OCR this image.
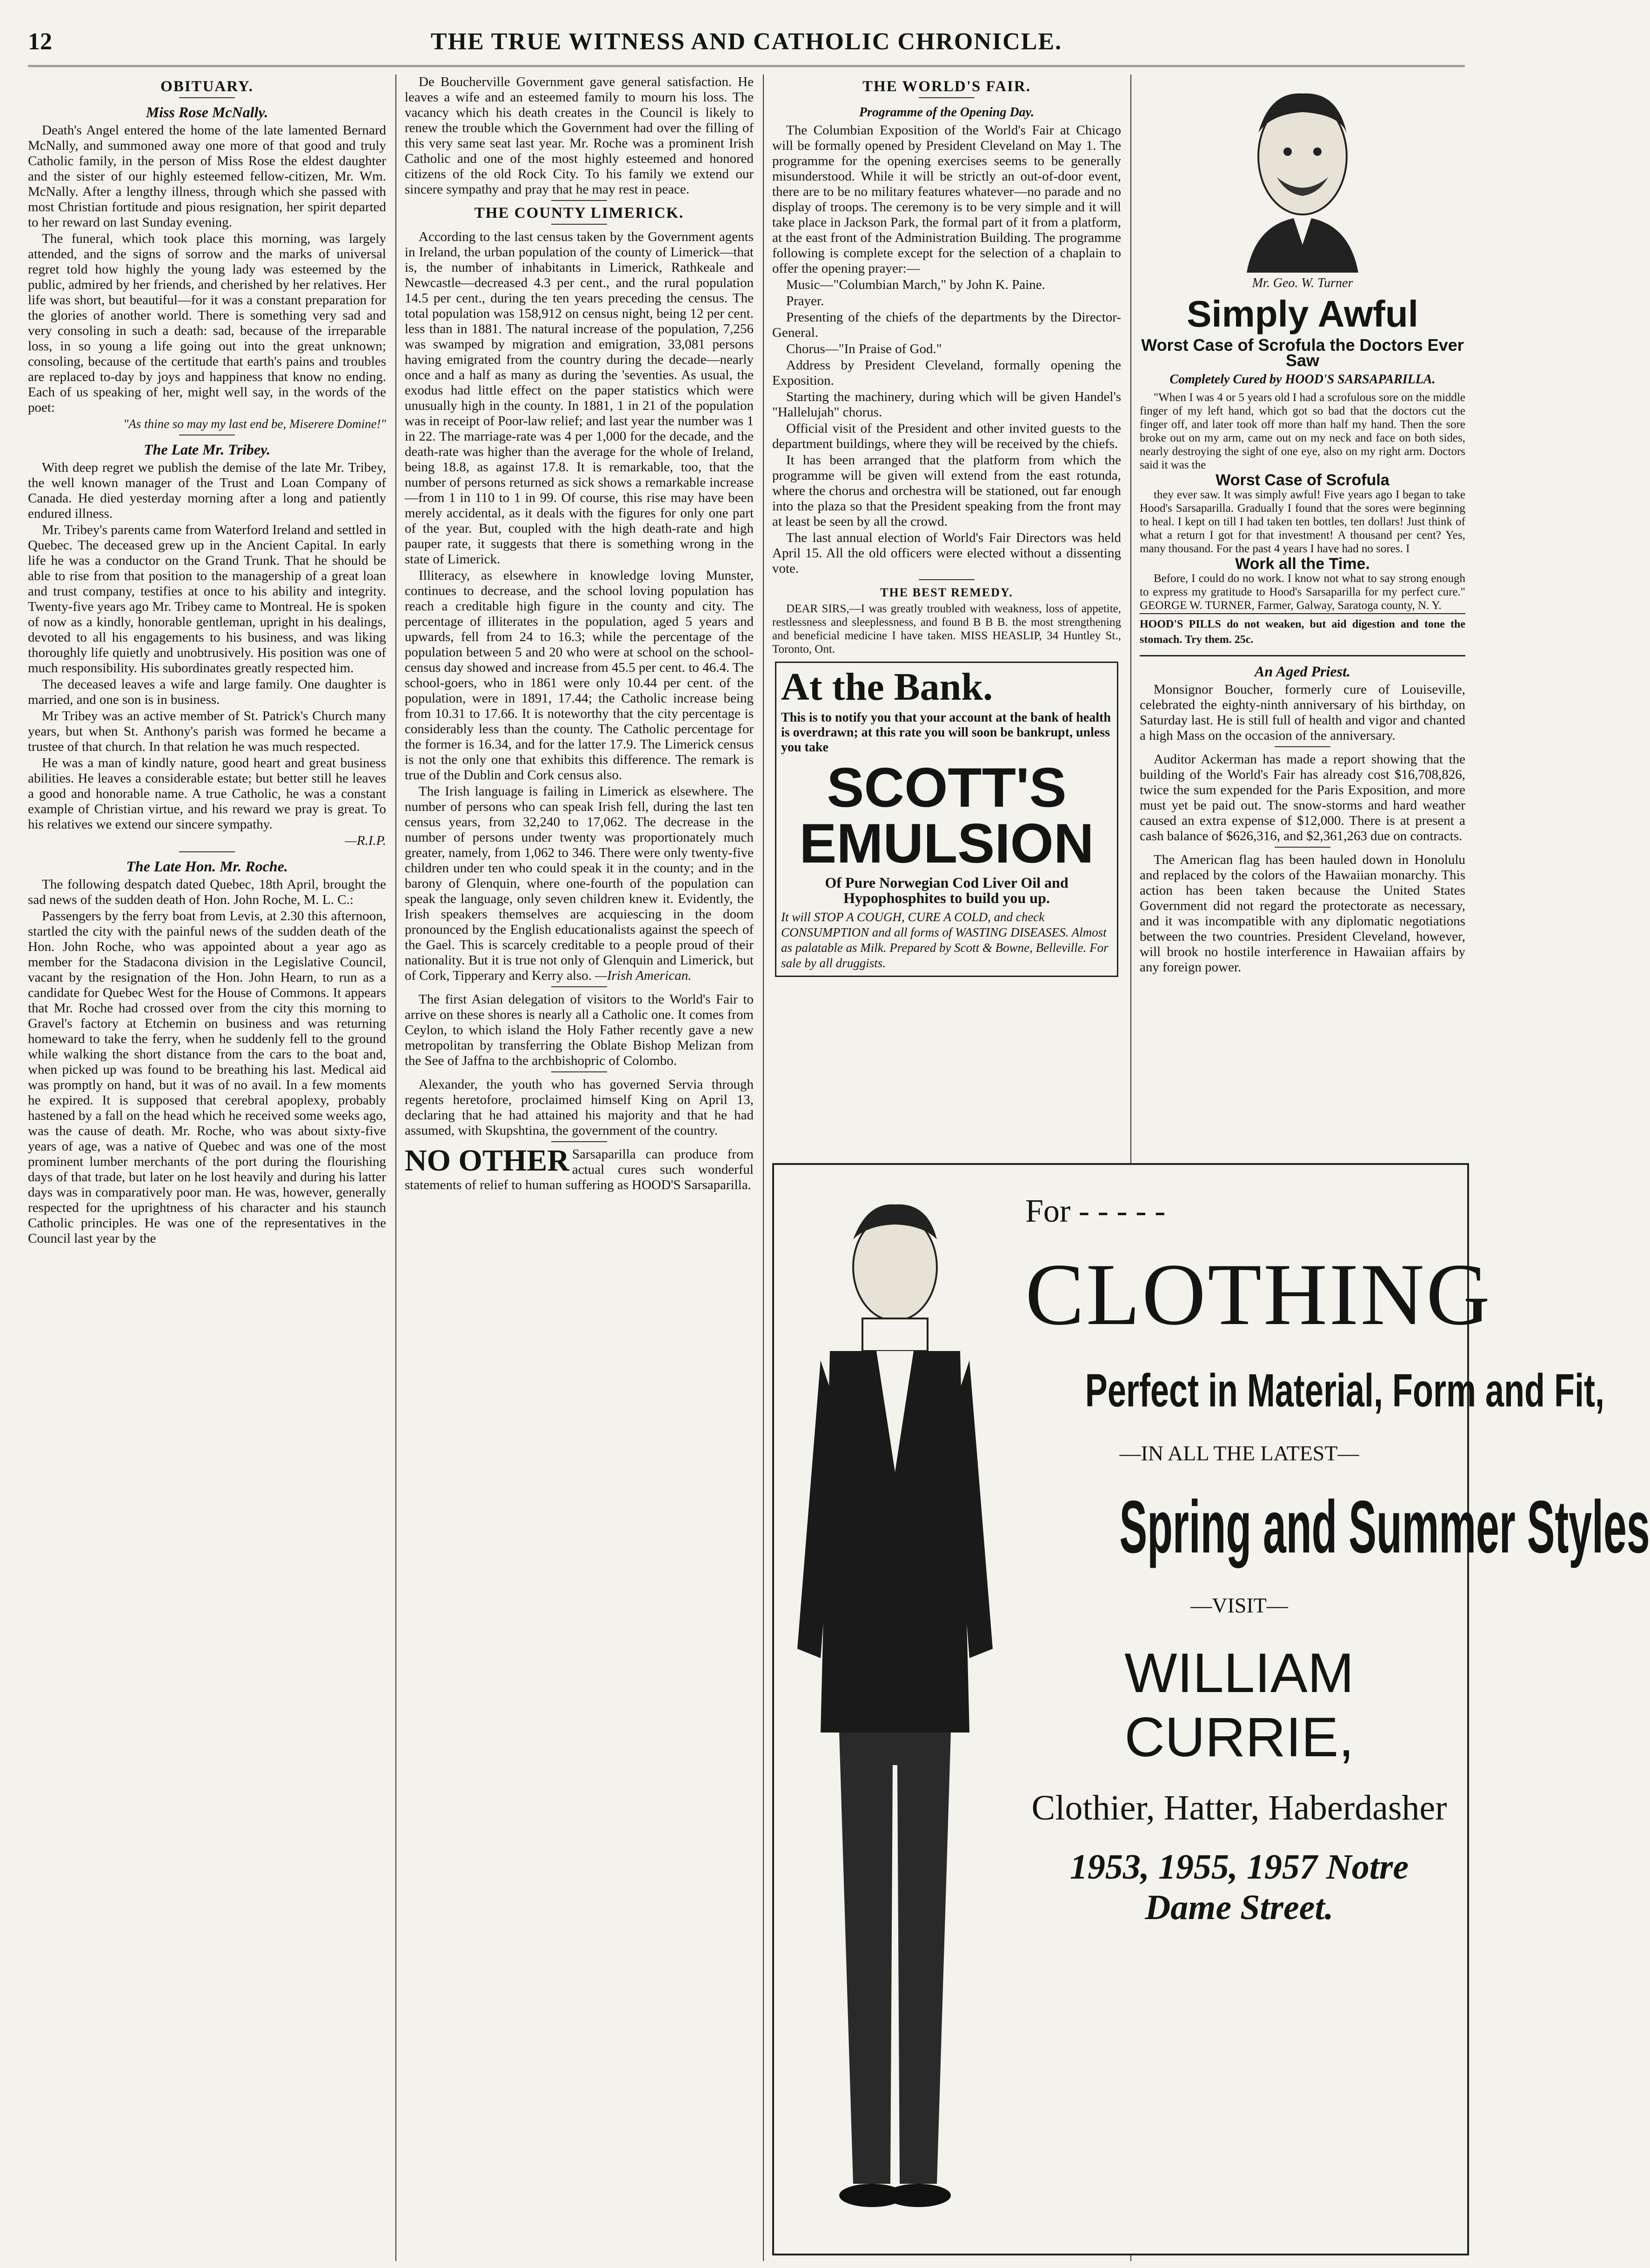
12	THE TRUE WITNESS AND CATHOLIC CHRONICLE.
OBITUARY.
Miss Rose McNally.

Death's Angel entered the home of the late lamented Bernard McNally, and summoned away one more of that good and truly Catholic family, in the person of Miss Rose the eldest daughter and the sister of our highly esteemed fellow-citizen, Mr. Wm. McNally. After a lengthy illness, through which she passed with most Christian fortitude and pious resignation, her spirit departed to her reward on last Sunday evening.

The funeral, which took place this morning, was largely attended, and the signs of sorrow and the marks of universal regret told how highly the young lady was esteemed by the public, admired by her friends, and cherished by her relatives. Her life was short, but beautiful—for it was a constant preparation for the glories of another world. There is something very sad and very consoling in such a death: sad, because of the irreparable loss, in so young a life going out into the great unknown; consoling, because of the certitude that earth's pains and troubles are replaced to-day by joys and happiness that know no ending. Each of us speaking of her, might well say, in the words of the poet:

"As thine so may my last end be, Miserere Domine!"
The Late Mr. Tribey.

With deep regret we publish the demise of the late Mr. Tribey, the well known manager of the Trust and Loan Company of Canada. He died yesterday morning after a long and patiently endured illness.

Mr. Tribey's parents came from Waterford Ireland and settled in Quebec. The deceased grew up in the Ancient Capital. In early life he was a conductor on the Grand Trunk. That he should be able to rise from that position to the managership of a great loan and trust company, testifies at once to his ability and integrity. Twenty-five years ago Mr. Tribey came to Montreal. He is spoken of now as a kindly, honorable gentleman, upright in his dealings, devoted to all his engagements to his business, and was liking thoroughly life quietly and unobtrusively. His position was one of much responsibility. His subordinates greatly respected him.

The deceased leaves a wife and large family. One daughter is married, and one son is in business.

Mr Tribey was an active member of St. Patrick's Church many years, but when St. Anthony's parish was formed he became a trustee of that church. In that relation he was much respected.

He was a man of kindly nature, good heart and great business abilities. He leaves a considerable estate; but better still he leaves a good and honorable name. A true Catholic, he was a constant example of Christian virtue, and his reward we pray is great. To his relatives we extend our sincere sympathy.

—R.I.P.
The Late Hon. Mr. Roche.

The following despatch dated Quebec, 18th April, brought the sad news of the sudden death of Hon. John Roche, M. L. C.:

Passengers by the ferry boat from Levis, at 2.30 this afternoon, startled the city with the painful news of the sudden death of the Hon. John Roche, who was appointed about a year ago as member for the Stadacona division in the Legislative Council, vacant by the resignation of the Hon. John Hearn, to run as a candidate for Quebec West for the House of Commons. It appears that Mr. Roche had crossed over from the city this morning to Gravel's factory at Etchemin on business and was returning homeward to take the ferry, when he suddenly fell to the ground while walking the short distance from the cars to the boat and, when picked up was found to be breathing his last. Medical aid was promptly on hand, but it was of no avail. In a few moments he expired. It is supposed that cerebral apoplexy, probably hastened by a fall on the head which he received some weeks ago, was the cause of death. Mr. Roche, who was about sixty-five years of age, was a native of Quebec and was one of the most prominent lumber merchants of the port during the flourishing days of that trade, but later on he lost heavily and during his latter days was in comparatively poor man. He was, however, generally respected for the uprightness of his character and his staunch Catholic principles. He was one of the representatives in the Council last year by the

De Boucherville Government gave general satisfaction. He leaves a wife and an esteemed family to mourn his loss. The vacancy which his death creates in the Council is likely to renew the trouble which the Government had over the filling of this very same seat last year. Mr. Roche was a prominent Irish Catholic and one of the most highly esteemed and honored citizens of the old Rock City. To his family we extend our sincere sympathy and pray that he may rest in peace.

THE COUNTY LIMERICK.

According to the last census taken by the Government agents in Ireland, the urban population of the county of Limerick—that is, the number of inhabitants in Limerick, Rathkeale and Newcastle—decreased 4.3 per cent., and the rural population 14.5 per cent., during the ten years preceding the census. The total population was 158,912 on census night, being 12 per cent. less than in 1881. The natural increase of the population, 7,256 was swamped by migration and emigration, 33,081 persons having emigrated from the country during the decade—nearly once and a half as many as during the 'seventies. As usual, the exodus had little effect on the paper statistics which were unusually high in the county. In 1881, 1 in 21 of the population was in receipt of Poor-law relief; and last year the number was 1 in 22. The marriage-rate was 4 per 1,000 for the decade, and the death-rate was higher than the average for the whole of Ireland, being 18.8, as against 17.8. It is remarkable, too, that the number of persons returned as sick shows a remarkable increase—from 1 in 110 to 1 in 99. Of course, this rise may have been merely accidental, as it deals with the figures for only one part of the year. But, coupled with the high death-rate and high pauper rate, it suggests that there is something wrong in the state of Limerick.

Illiteracy, as elsewhere in knowledge loving Munster, continues to decrease, and the school loving population has reach a creditable high figure in the county and city. The percentage of illiterates in the population, aged 5 years and upwards, fell from 24 to 16.3; while the percentage of the population between 5 and 20 who were at school on the school-census day showed and increase from 45.5 per cent. to 46.4. The school-goers, who in 1861 were only 10.44 per cent. of the population, were in 1891, 17.44; the Catholic increase being from 10.31 to 17.66. It is noteworthy that the city percentage is considerably less than the county. The Catholic percentage for the former is 16.34, and for the latter 17.9. The Limerick census is not the only one that exhibits this difference. The remark is true of the Dublin and Cork census also.

The Irish language is failing in Limerick as elsewhere. The number of persons who can speak Irish fell, during the last ten census years, from 32,240 to 17,062. The decrease in the number of persons under twenty was proportionately much greater, namely, from 1,062 to 346. There were only twenty-five children under ten who could speak it in the county; and in the barony of Glenquin, where one-fourth of the population can speak the language, only seven children knew it. Evidently, the Irish speakers themselves are acquiescing in the doom pronounced by the English educationalists against the speech of the Gael. This is scarcely creditable to a people proud of their nationality. But it is true not only of Glenquin and Limerick, but of Cork, Tipperary and Kerry also. —Irish American.

The first Asian delegation of visitors to the World's Fair to arrive on these shores is nearly all a Catholic one. It comes from Ceylon, to which island the Holy Father recently gave a new metropolitan by transferring the Oblate Bishop Melizan from the See of Jaffna to the archbishopric of Colombo.

Alexander, the youth who has governed Servia through regents heretofore, proclaimed himself King on April 13, declaring that he had attained his majority and that he had assumed, with Skupshtina, the government of the country.

NO OTHER Sarsaparilla can produce from actual cures such wonderful statements of relief to human suffering as HOOD'S Sarsaparilla.
THE WORLD'S FAIR.
Programme of the Opening Day.

The Columbian Exposition of the World's Fair at Chicago will be formally opened by President Cleveland on May 1. The programme for the opening exercises seems to be generally misunderstood. While it will be strictly an out-of-door event, there are to be no military features whatever—no parade and no display of troops. The ceremony is to be very simple and it will take place in Jackson Park, the formal part of it from a platform, at the east front of the Administration Building. The programme following is complete except for the selection of a chaplain to offer the opening prayer:—

Music—"Columbian March," by John K. Paine.

Prayer.

Presenting of the chiefs of the departments by the Director-General.

Chorus—"In Praise of God."

Address by President Cleveland, formally opening the Exposition.

Starting the machinery, during which will be given Handel's "Hallelujah" chorus.

Official visit of the President and other invited guests to the department buildings, where they will be received by the chiefs.

It has been arranged that the platform from which the programme will be given will extend from the east rotunda, where the chorus and orchestra will be stationed, out far enough into the plaza so that the President speaking from the front may at least be seen by all the crowd.

The last annual election of World's Fair Directors was held April 15. All the old officers were elected without a dissenting vote.

THE BEST REMEDY.

DEAR SIRS,—I was greatly troubled with weakness, loss of appetite, restlessness and sleeplessness, and found B B B. the most strengthening and beneficial medicine I have taken. MISS HEASLIP, 34 Huntley St., Toronto, Ont.

At the Bank.
This is to notify you that your account at the bank of health is overdrawn; at this rate you will soon be bankrupt, unless you take
SCOTT'S
EMULSION
Of Pure Norwegian Cod Liver Oil and Hypophosphites to build you up.
It will STOP A COUGH, CURE A COLD, and check CONSUMPTION and all forms of WASTING DISEASES. Almost as palatable as Milk. Prepared by Scott & Bowne, Belleville. For sale by all druggists.
Mr. Geo. W. Turner
Simply Awful
Worst Case of Scrofula the Doctors Ever Saw
Completely Cured by HOOD'S SARSAPARILLA.

"When I was 4 or 5 years old I had a scrofulous sore on the middle finger of my left hand, which got so bad that the doctors cut the finger off, and later took off more than half my hand. Then the sore broke out on my arm, came out on my neck and face on both sides, nearly destroying the sight of one eye, also on my right arm. Doctors said it was the

Worst Case of Scrofula

they ever saw. It was simply awful! Five years ago I began to take Hood's Sarsaparilla. Gradually I found that the sores were beginning to heal. I kept on till I had taken ten bottles, ten dollars! Just think of what a return I got for that investment! A thousand per cent? Yes, many thousand. For the past 4 years I have had no sores. I

Work all the Time.

Before, I could do no work. I know not what to say strong enough to express my gratitude to Hood's Sarsaparilla for my perfect cure." GEORGE W. TURNER, Farmer, Galway, Saratoga county, N. Y.

HOOD'S PILLS do not weaken, but aid digestion and tone the stomach. Try them. 25c.
An Aged Priest.

Monsignor Boucher, formerly cure of Louiseville, celebrated the eighty-ninth anniversary of his birthday, on Saturday last. He is still full of health and vigor and chanted a high Mass on the occasion of the anniversary.

Auditor Ackerman has made a report showing that the building of the World's Fair has already cost $16,708,826, twice the sum expended for the Paris Exposition, and more must yet be paid out. The snow-storms and hard weather caused an extra expense of $12,000. There is at present a cash balance of $626,316, and $2,361,263 due on contracts.

The American flag has been hauled down in Honolulu and replaced by the colors of the Hawaiian monarchy. This action has been taken because the United States Government did not regard the protectorate as necessary, and it was incompatible with any diplomatic negotiations between the two countries. President Cleveland, however, will brook no hostile interference in Hawaiian affairs by any foreign power.

For - - - - -
CLOTHING
Perfect in Material, Form and Fit,
—IN ALL THE LATEST—
Spring and Summer Styles
—VISIT—
WILLIAM CURRIE,
Clothier, Hatter, Haberdasher
1953, 1955, 1957 Notre Dame Street.
